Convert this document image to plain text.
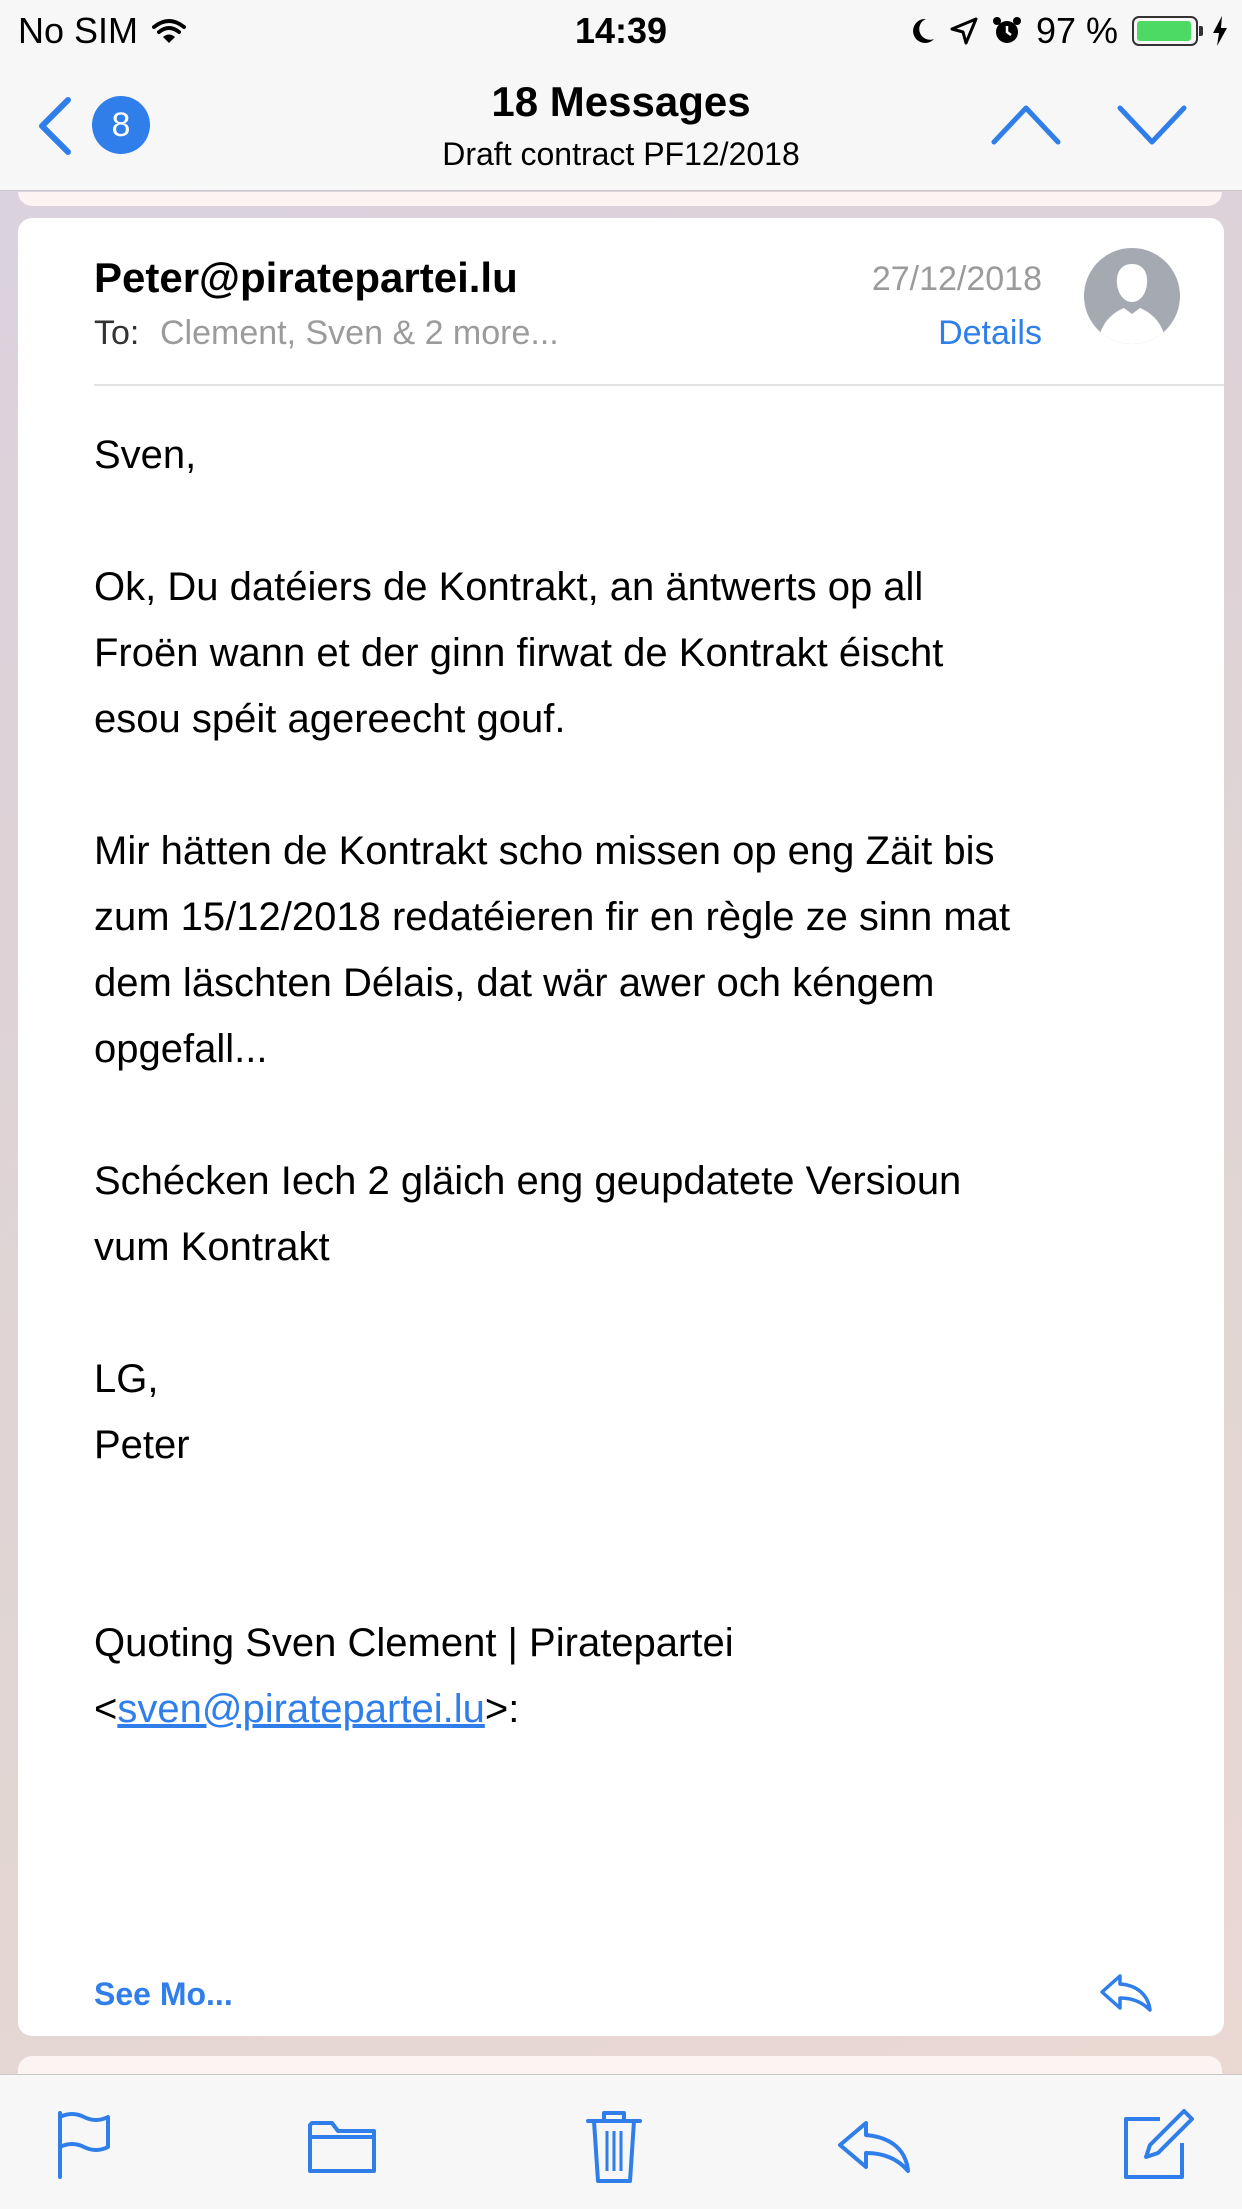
No SIM	14:39	97 %
8	18 Messages
Draft contract PF12/2018
Peter@piratepartei.lu
To: Clement, Sven & 2 more...
27/12/2018
Details

Sven,

Ok, Du datéiers de Kontrakt, an äntwerts op all

Froën wann et der ginn firwat de Kontrakt éischt

esou spéit agereecht gouf.

Mir hätten de Kontrakt scho missen op eng Zäit bis

zum 15/12/2018 redatéieren fir en règle ze sinn mat

dem läschten Délais, dat wär awer och kéngem

opgefall...

Schécken Iech 2 gläich eng geupdatete Versioun

vum Kontrakt

LG,

Peter

Quoting Sven Clement | Piratepartei

<sven@piratepartei.lu>:

See Mo...
